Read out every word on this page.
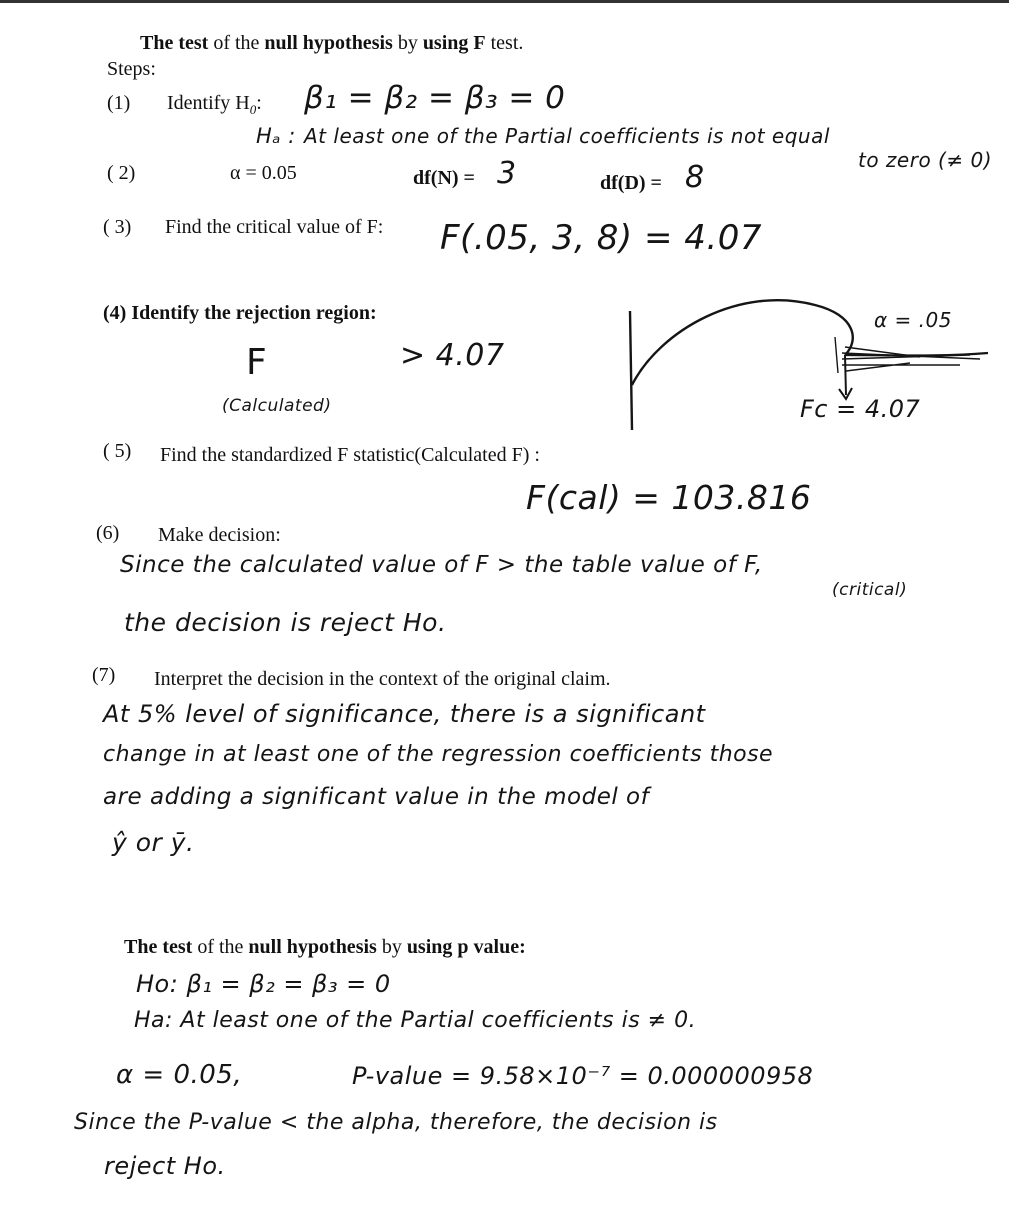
The test of the null hypothesis by using F test.
Steps:
(1) Identify $H_0$: β₁ = β₂ = β₃ = 0
Hₐ : At least one of the Partial coefficients is not equal
to zero (≠ 0)
( 2)	α = 0.05	df(N) = 3	df(D) = 8
( 3) Find the critical value of F: F(.05, 3, 8) = 4.07
(4) Identify the rejection region:
F
(Calculated)
> 4.07
α = .05
Fc = 4.07
( 5) Find the standardized F statistic(Calculated F) :
F(cal) = 103.816
(6) Make decision:
Since the calculated value of F > the table value of F,
(critical)
the decision is reject Ho.
(7) Interpret the decision in the context of the original claim.
At 5% level of significance, there is a significant
change in at least one of the regression coefficients those
are adding a significant value in the model of
ŷ or ȳ.
The test of the null hypothesis by using p value:
Ho: β₁ = β₂ = β₃ = 0
Ha: At least one of the Partial coefficients is ≠ 0.
α = 0.05,	P-value = 9.58×10⁻⁷ = 0.000000958
Since the P-value < the alpha, therefore, the decision is
reject Ho.
